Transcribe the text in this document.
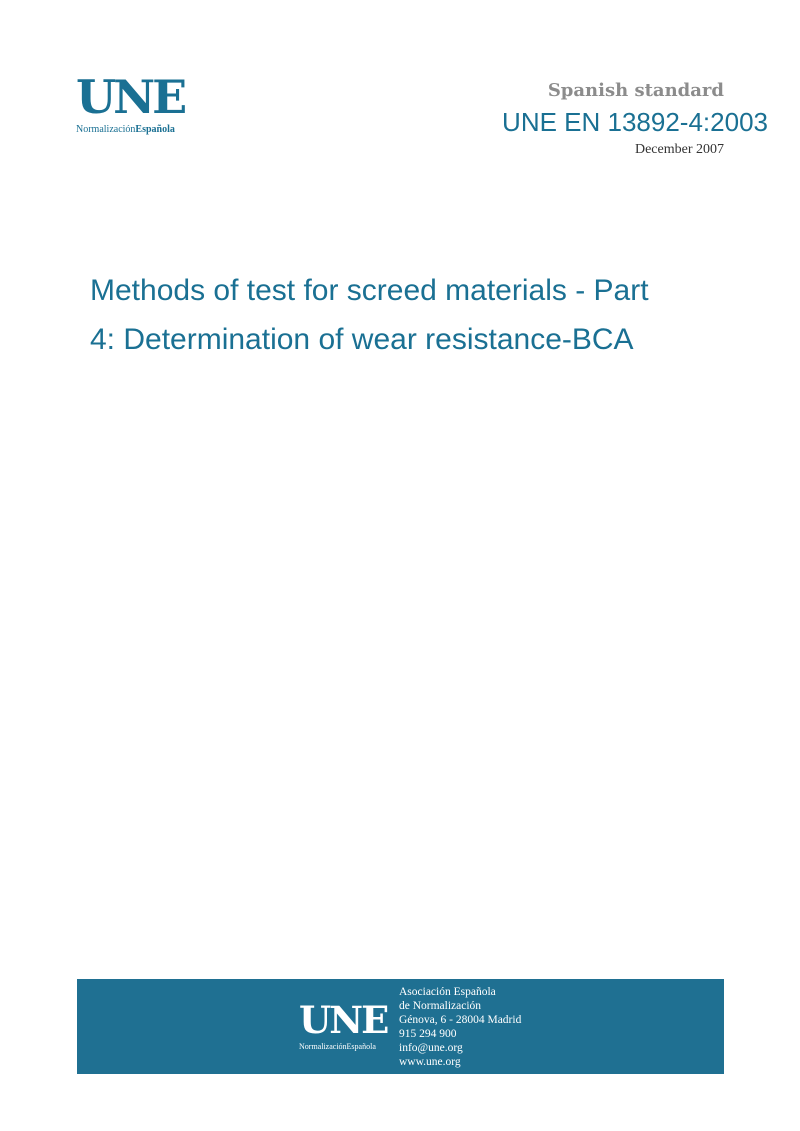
UNE
NormalizaciónEspañola
Spanish standard
UNE EN 13892-4:2003
December 2007
Methods of test for screed materials - Part
4: Determination of wear resistance-BCA
UNE
NormalizaciónEspañola
Asociación Española
de Normalización
Génova, 6 - 28004 Madrid
915 294 900
info@une.org
www.une.org
